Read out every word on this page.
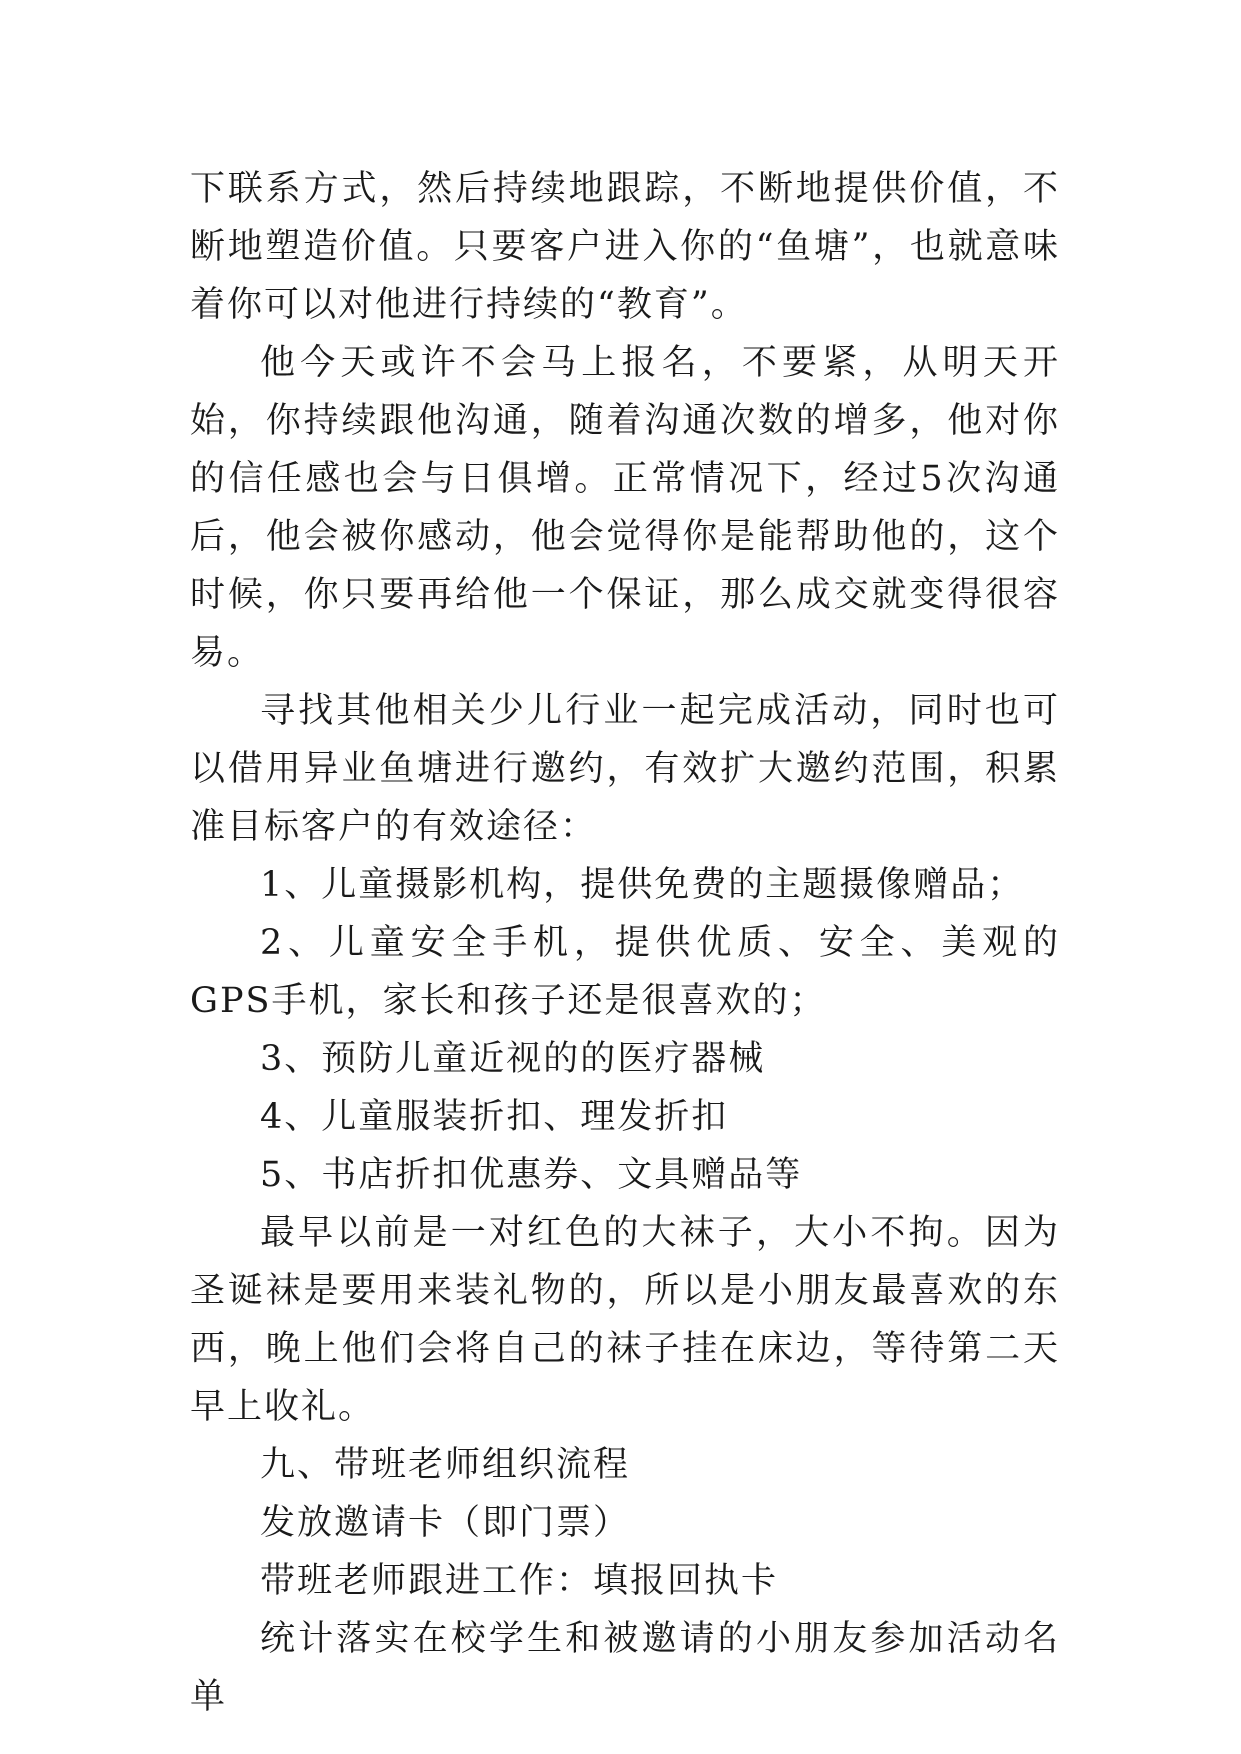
下联系方式，然后持续地跟踪，不断地提供价值，不断地塑造价值。只要客户进入你的“鱼塘”，也就意味着你可以对他进行持续的“教育”。

他今天或许不会马上报名，不要紧，从明天开始，你持续跟他沟通，随着沟通次数的增多，他对你的信任感也会与日俱增。正常情况下，经过5次沟通后，他会被你感动，他会觉得你是能帮助他的，这个时候，你只要再给他一个保证，那么成交就变得很容易。

寻找其他相关少儿行业一起完成活动，同时也可以借用异业鱼塘进行邀约，有效扩大邀约范围，积累准目标客户的有效途径：

1、儿童摄影机构，提供免费的主题摄像赠品；

2、儿童安全手机，提供优质、安全、美观的GPS手机，家长和孩子还是很喜欢的；

3、预防儿童近视的的医疗器械

4、儿童服装折扣、理发折扣

5、书店折扣优惠券、文具赠品等

最早以前是一对红色的大袜子，大小不拘。因为圣诞袜是要用来装礼物的，所以是小朋友最喜欢的东西，晚上他们会将自己的袜子挂在床边，等待第二天早上收礼。

九、带班老师组织流程

发放邀请卡（即门票）

带班老师跟进工作：填报回执卡

统计落实在校学生和被邀请的小朋友参加活动名单
